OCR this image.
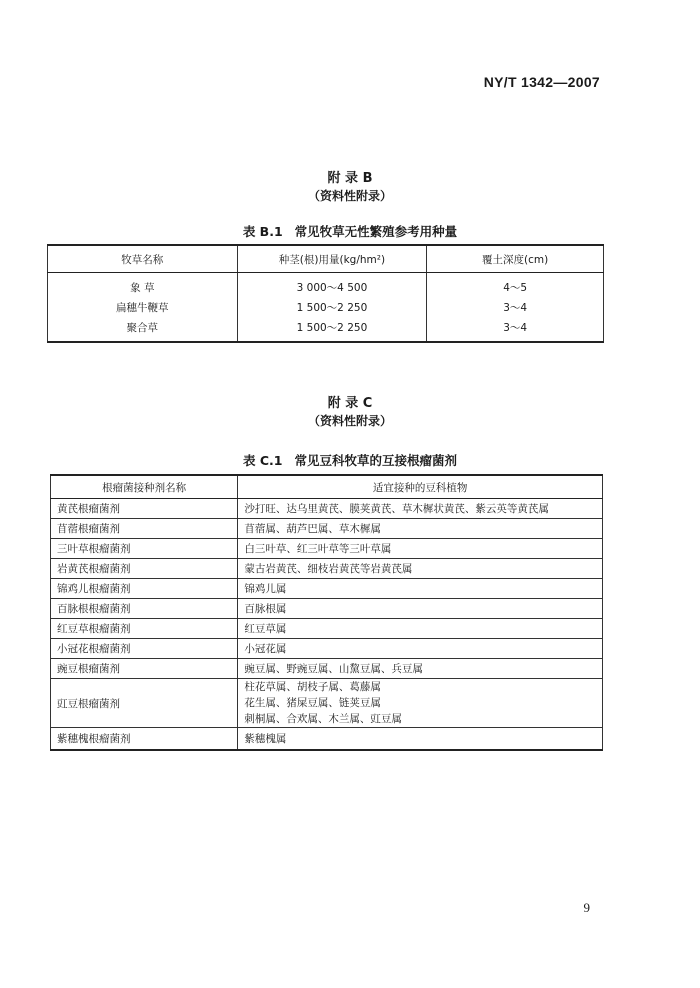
NY/T 1342—2007
附 录 B
（资料性附录）
表 B.1 常见牧草无性繁殖参考用种量
牧草名称	种茎(根)用量(kg/hm²)	覆土深度(cm)
象 草	3 000～4 500	4～5
扁穗牛鞭草	1 500～2 250	3～4
聚合草	1 500～2 250	3～4
附 录 C
（资料性附录）
表 C.1 常见豆科牧草的互接根瘤菌剂
根瘤菌接种剂名称	适宜接种的豆科植物
黄芪根瘤菌剂	沙打旺、达乌里黄芪、膜荚黄芪、草木樨状黄芪、紫云英等黄芪属
苜蓿根瘤菌剂	苜蓿属、葫芦巴属、草木樨属
三叶草根瘤菌剂	白三叶草、红三叶草等三叶草属
岩黄芪根瘤菌剂	蒙古岩黄芪、细枝岩黄芪等岩黄芪属
锦鸡儿根瘤菌剂	锦鸡儿属
百脉根根瘤菌剂	百脉根属
红豆草根瘤菌剂	红豆草属
小冠花根瘤菌剂	小冠花属
豌豆根瘤菌剂	豌豆属、野豌豆属、山黧豆属、兵豆属
豇豆根瘤菌剂	柱花草属、胡枝子属、葛藤属
花生属、猪屎豆属、链荚豆属
刺桐属、合欢属、木兰属、豇豆属

紫穗槐根瘤菌剂	紫穗槐属
9
